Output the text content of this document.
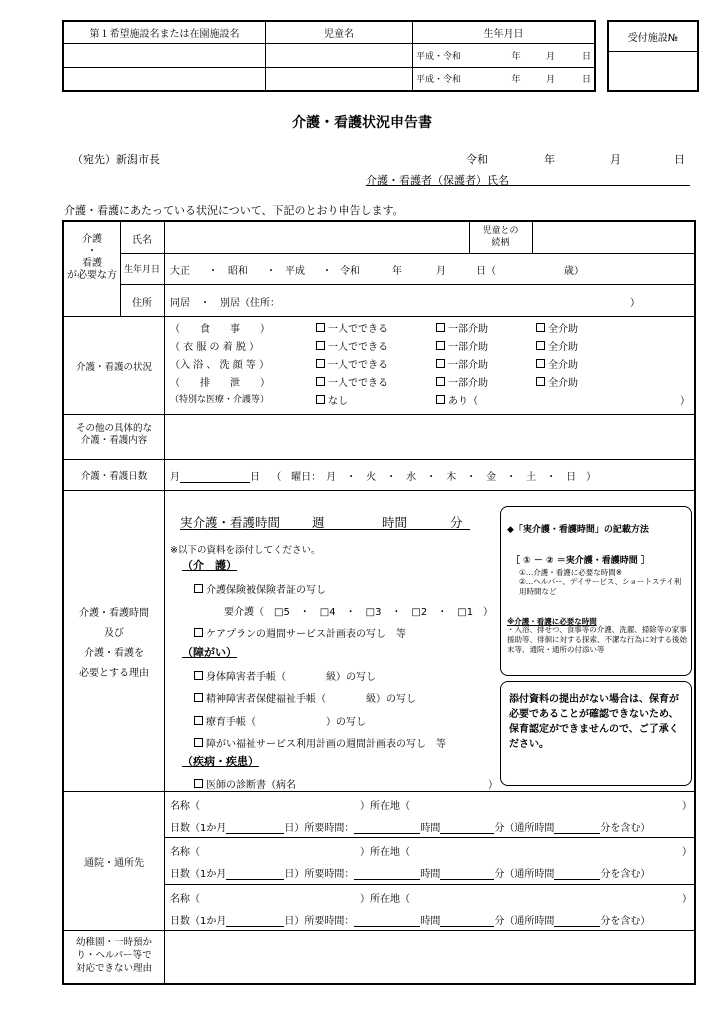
第１希望施設名または在園施設名	児童名	生年月日			
		平成・令和	年	月	日
		平成・令和	年	月	日
受付施設№

介護・看護状況申告書
（宛先）新潟市長	令和	年	月	日
介護・看護者（保護者）氏名
介護・看護にあたっている状況について、下記のとおり申告します。
介護
・
看護
が必要な方
氏名
児童との
続柄
生年月日	大正 ・ 昭和 ・ 平成 ・ 令和	年	月	日（	歳）
住所	同居　・　別居（住所：	）
介護・看護の状況
（　　食　　事　　）	一人でできる	一部介助	全介助
（ 衣 服 の 着 脱 ）	一人でできる	一部介助	全介助
（入 浴 、 洗 顔 等 ）	一人でできる	一部介助	全介助
（　　排　　泄　　）	一人でできる	一部介助	全介助
（特別な医療・介護等）	なし	あり（	）
その他の具体的な
介護・看護内容
介護・看護日数	月	日 （　曜日：　月　・　火　・　水　・　木　・　金　・　土　・　日　）
介護・看護時間
及び
介護・看護を
必要とする理由
実介護・看護時間	週	時間	分
※以下の資料を添付してください。
（介　護）
介護保険被保険者証の写し
要介護（　□5　・　□4　・　□3　・　□2　・　□1　）
ケアプランの週間サービス計画表の写し　等
（障がい）
身体障害者手帳（　　　　級）の写し
精神障害者保健福祉手帳（　　　　級）の写し
療育手帳（　　　　　　　）の写し
障がい福祉サービス利用計画の週間計画表の写し　等
（疾病・疾患）
医師の診断書（病名	）
◆「実介護・看護時間」の記載方法
［ ① － ② ＝実介護・看護時間 ］
①…介護・看護に必要な時間※
②…ヘルパー、デイサービス、ショートステイ利用時間など
※介護・看護に必要な時間
・入浴、排せつ、食事等の介護、洗濯、掃除等の家事援助等、徘徊に対する探索、不潔な行為に対する後始末等、通院・通所の付添い等
添付資料の提出がない場合は、保育が必要であることが確認できないため、保育認定ができませんので、ご了承ください。
通院・通所先
名称（	）所在地（	）
日数（1か月	日）所要時間：	時間	分（通所時間	分を含む）
名称（	）所在地（	）
日数（1か月	日）所要時間：	時間	分（通所時間	分を含む）
名称（	）所在地（	）
日数（1か月	日）所要時間：	時間	分（通所時間	分を含む）
幼稚園・一時預か
り・ヘルパー等で
対応できない理由
